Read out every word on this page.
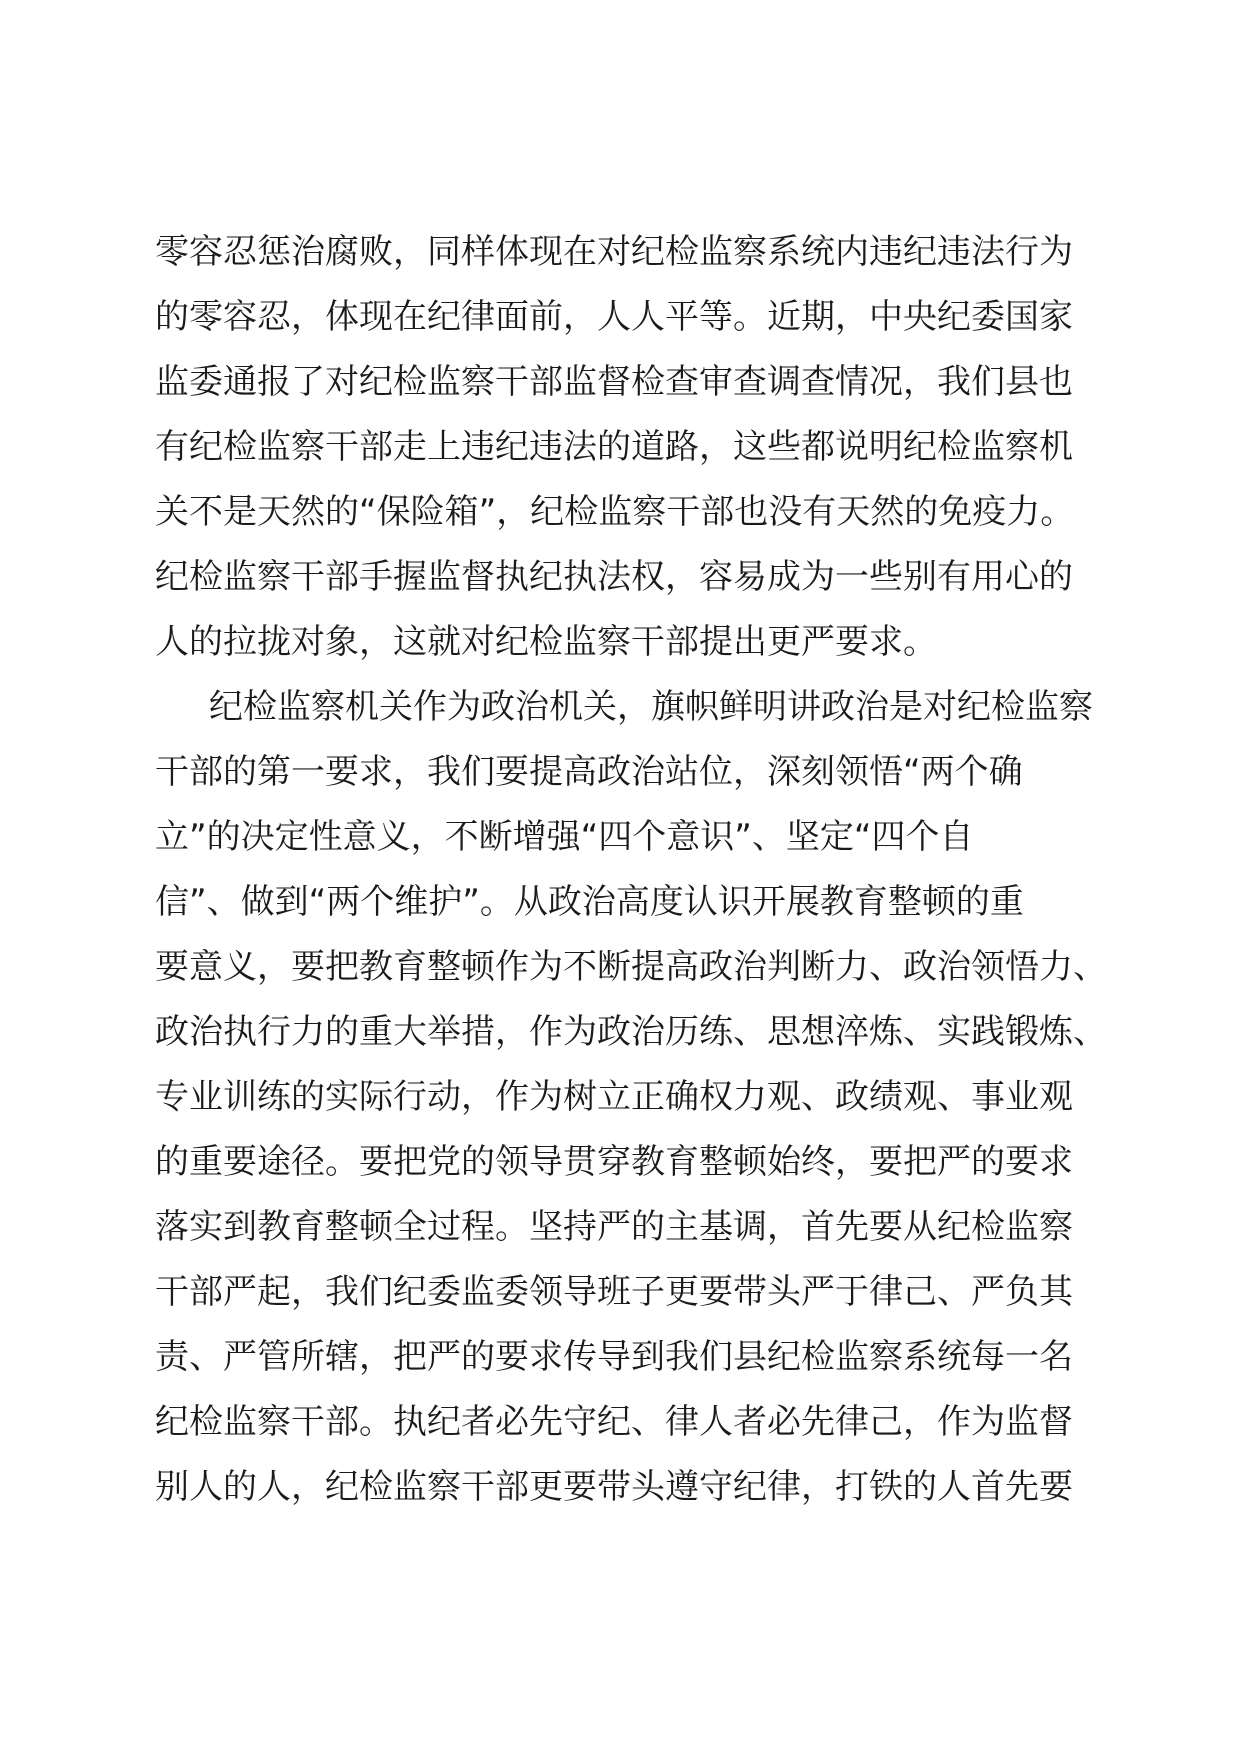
零容忍惩治腐败，同样体现在对纪检监察系统内违纪违法行为
的零容忍，体现在纪律面前，人人平等。近期，中央纪委国家
监委通报了对纪检监察干部监督检查审查调查情况，我们县也
有纪检监察干部走上违纪违法的道路，这些都说明纪检监察机
关不是天然的“保险箱”，纪检监察干部也没有天然的免疫力。
纪检监察干部手握监督执纪执法权，容易成为一些别有用心的
人的拉拢对象，这就对纪检监察干部提出更严要求。
纪检监察机关作为政治机关，旗帜鲜明讲政治是对纪检监察
干部的第一要求，我们要提高政治站位，深刻领悟“两个确
立”的决定性意义，不断增强“四个意识”、坚定“四个自
信”、做到“两个维护”。从政治高度认识开展教育整顿的重
要意义，要把教育整顿作为不断提高政治判断力、政治领悟力、
政治执行力的重大举措，作为政治历练、思想淬炼、实践锻炼、
专业训练的实际行动，作为树立正确权力观、政绩观、事业观
的重要途径。要把党的领导贯穿教育整顿始终，要把严的要求
落实到教育整顿全过程。坚持严的主基调，首先要从纪检监察
干部严起，我们纪委监委领导班子更要带头严于律己、严负其
责、严管所辖，把严的要求传导到我们县纪检监察系统每一名
纪检监察干部。执纪者必先守纪、律人者必先律己，作为监督
别人的人，纪检监察干部更要带头遵守纪律，打铁的人首先要
